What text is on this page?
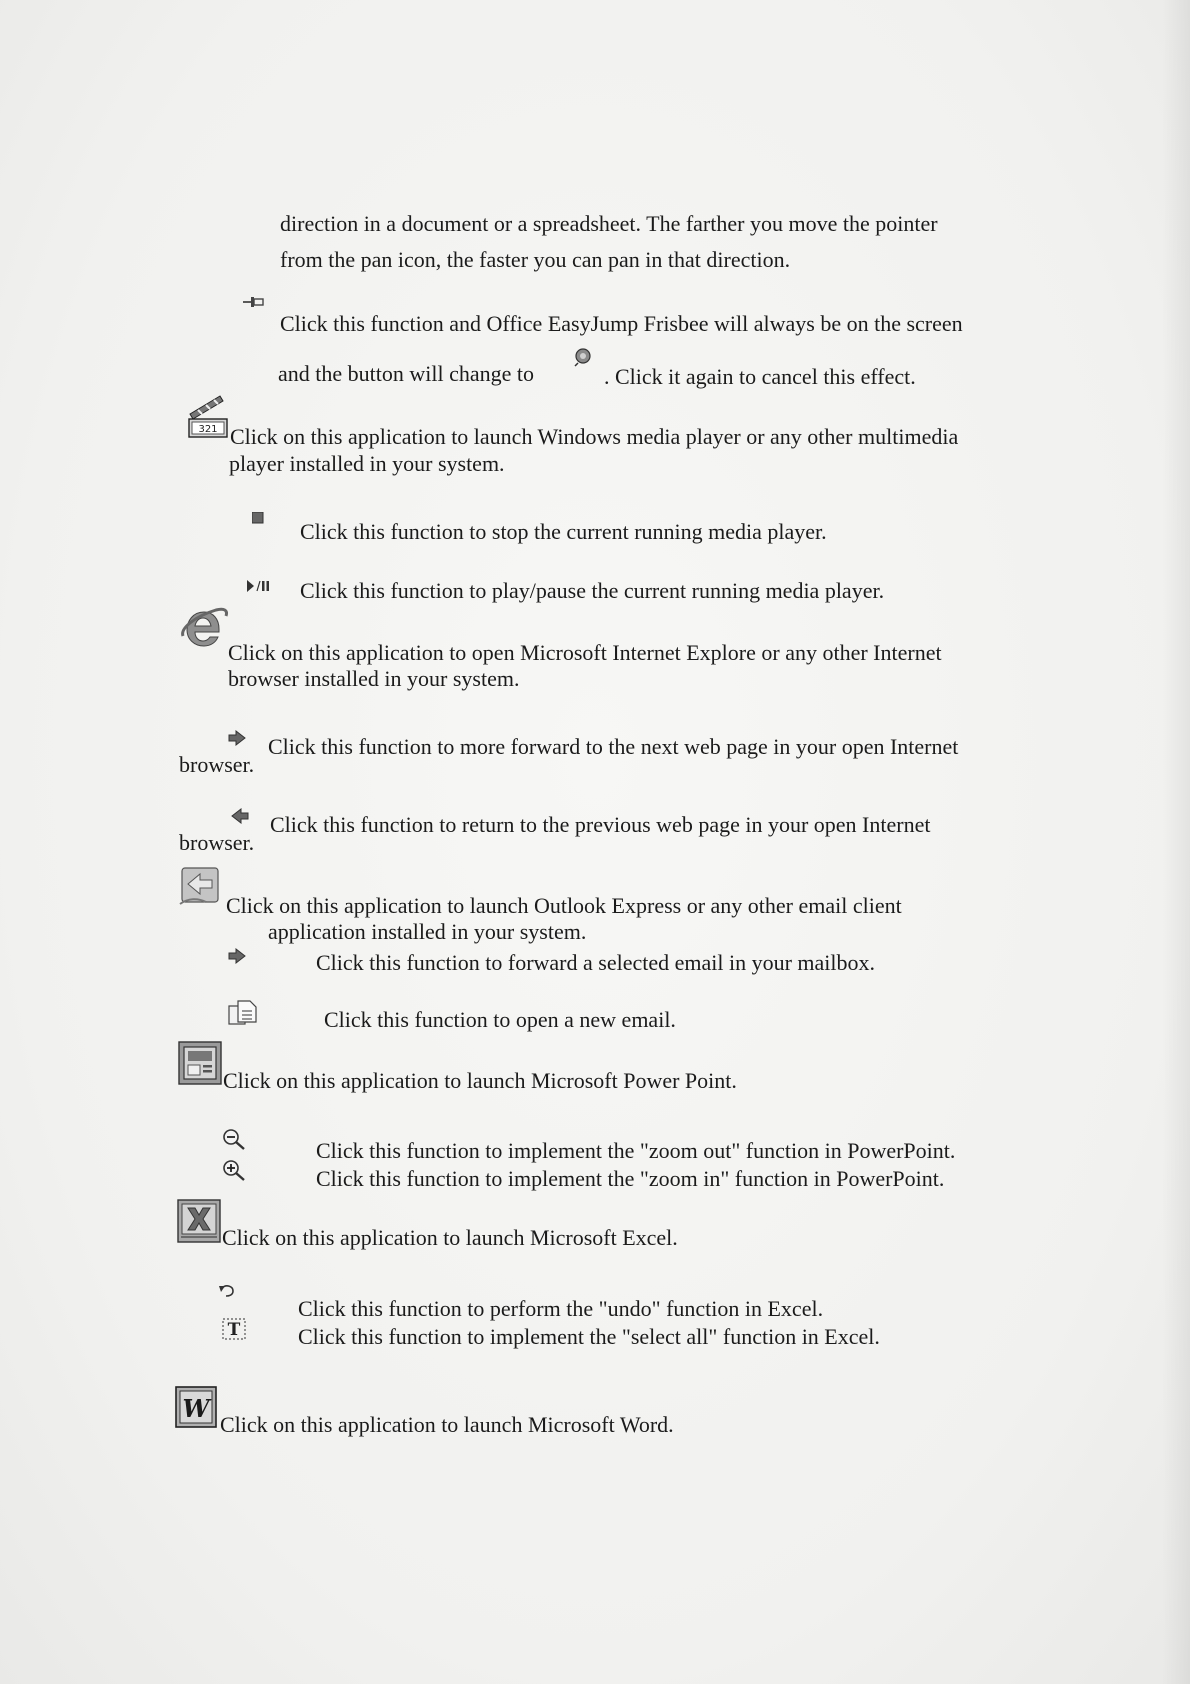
direction in a document or a spreadsheet. The farther you move the pointer
from the pan icon, the faster you can pan in that direction.
Click this function and Office EasyJump Frisbee will always be on the screen
and the button will change to	. Click it again to cancel this effect.
321 Click on this application to launch Windows media player or any other multimedia
player installed in your system.
Click this function to stop the current running media player.
Click this function to play/pause the current running media player.
Click on this application to open Microsoft Internet Explore or any other Internet
browser installed in your system.
Click this function to more forward to the next web page in your open Internet
browser.
Click this function to return to the previous web page in your open Internet
browser.
Click on this application to launch Outlook Express or any other email client
application installed in your system.
Click this function to forward a selected email in your mailbox.
Click this function to open a new email.
Click on this application to launch Microsoft Power Point.
Click this function to implement the "zoom out" function in PowerPoint.
Click this function to implement the "zoom in" function in PowerPoint.
Click on this application to launch Microsoft Excel.
Click this function to perform the "undo" function in Excel.
T	Click this function to implement the "select all" function in Excel.
W
Click on this application to launch Microsoft Word.
